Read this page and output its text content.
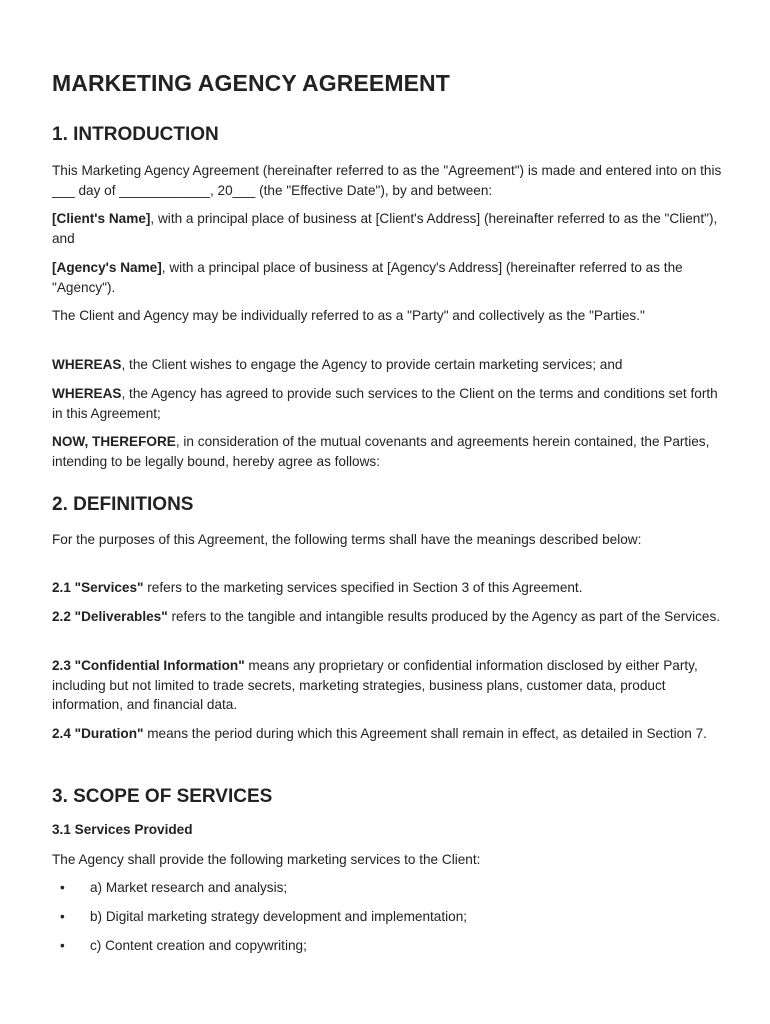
MARKETING AGENCY AGREEMENT
1. INTRODUCTION

This Marketing Agency Agreement (hereinafter referred to as the "Agreement") is made and entered into on this ___ day of ____________, 20___ (the "Effective Date"), by and between:

[Client's Name], with a principal place of business at [Client's Address] (hereinafter referred to as the "Client"), and

[Agency's Name], with a principal place of business at [Agency's Address] (hereinafter referred to as the "Agency").

The Client and Agency may be individually referred to as a "Party" and collectively as the "Parties."

WHEREAS, the Client wishes to engage the Agency to provide certain marketing services; and

WHEREAS, the Agency has agreed to provide such services to the Client on the terms and conditions set forth in this Agreement;

NOW, THEREFORE, in consideration of the mutual covenants and agreements herein contained, the Parties, intending to be legally bound, hereby agree as follows:

2. DEFINITIONS

For the purposes of this Agreement, the following terms shall have the meanings described below:

2.1 "Services" refers to the marketing services specified in Section 3 of this Agreement.

2.2 "Deliverables" refers to the tangible and intangible results produced by the Agency as part of the Services.

2.3 "Confidential Information" means any proprietary or confidential information disclosed by either Party, including but not limited to trade secrets, marketing strategies, business plans, customer data, product information, and financial data.

2.4 "Duration" means the period during which this Agreement shall remain in effect, as detailed in Section 7.

3. SCOPE OF SERVICES
3.1 Services Provided

The Agency shall provide the following marketing services to the Client:

• a) Market research and analysis;
• b) Digital marketing strategy development and implementation;
• c) Content creation and copywriting;
